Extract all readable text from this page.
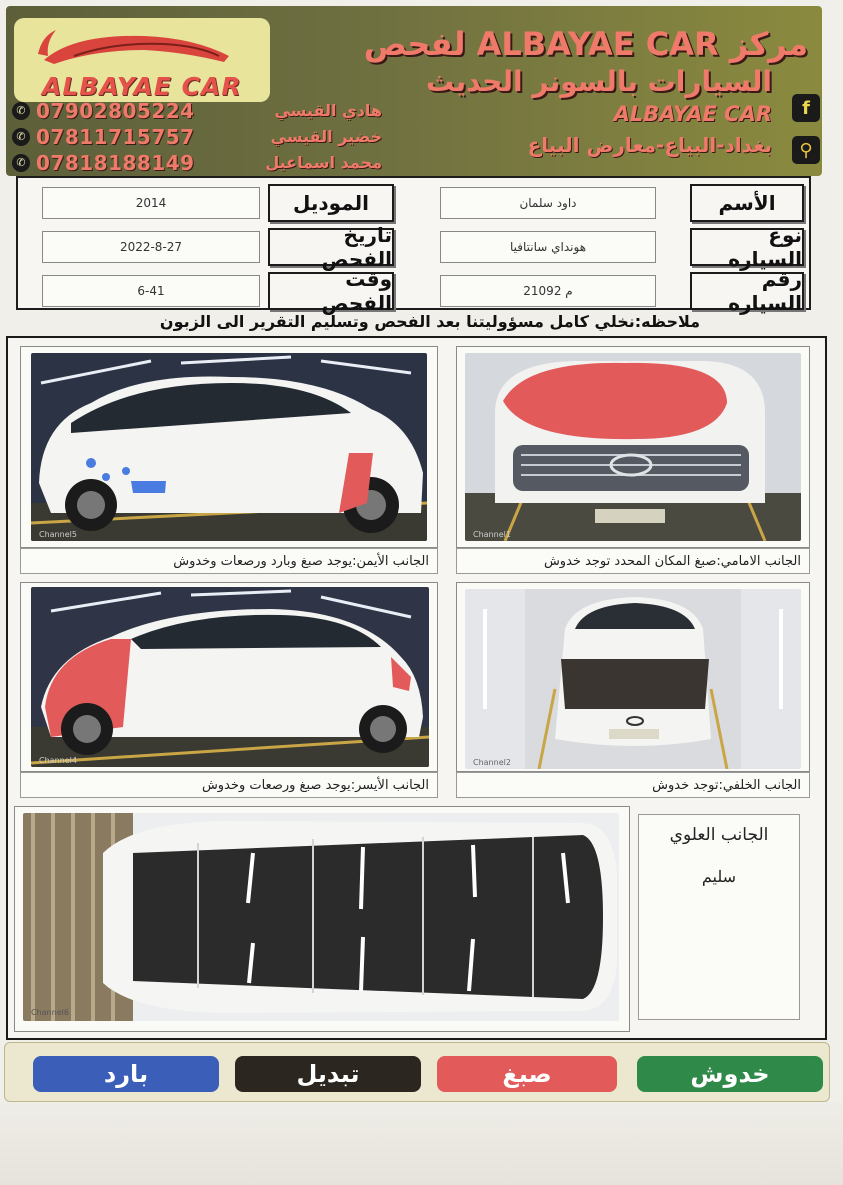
ALBAYAE CAR
✆ 07902805224	هادي القيسي
✆ 07811715757	خضير القيسي
✆ 07818188149	محمد اسماعيل
مركز ALBAYAE CAR لفحص
السيارات بالسونر الحديث
ALBAYAE CAR
بغداد-البياع-معارض البياع
f
⚲
2014	الموديل	داود سلمان	الأسم
2022-8-27	تاريخ الفحص	هونداي سانتافيا	نوع السياره
6-41	وقت الفحص	21092 م	رقم السياره
ملاحظه:نخلي كامل مسؤوليتنا بعد الفحص وتسليم التقرير الى الزبون
Channel5
الجانب الأيمن:يوجد صبغ وبارد ورصعات وخدوش
Channel1
الجانب الامامي:صبغ المكان المحدد توجد خدوش
Channel4
الجانب الأيسر:يوجد صبغ ورصعات وخدوش
Channel2
الجانب الخلفي:توجد خدوش
Channel6
الجانب العلوي
سليم
بارد	تبديل	صبغ	خدوش
